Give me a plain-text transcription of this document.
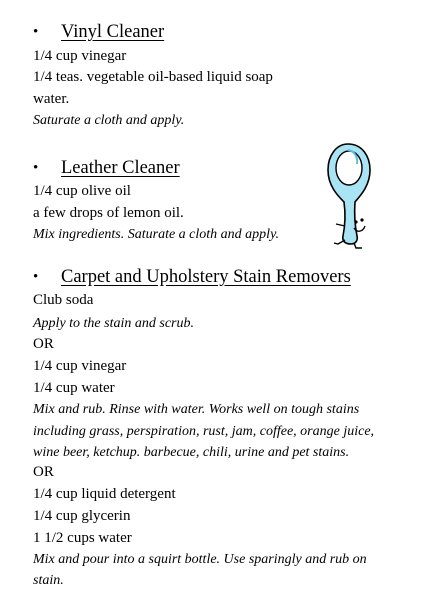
• Vinyl Cleaner
1/4 cup vinegar
1/4 teas. vegetable oil-based liquid soap
water.
Saturate a cloth and apply.
• Leather Cleaner
1/4 cup olive oil
a few drops of lemon oil.
Mix ingredients. Saturate a cloth and apply.
• Carpet and Upholstery Stain Removers
Club soda
Apply to the stain and scrub.
OR
1/4 cup vinegar
1/4 cup water
Mix and rub. Rinse with water. Works well on tough stains
including grass, perspiration, rust, jam, coffee, orange juice,
wine beer, ketchup. barbecue, chili, urine and pet stains.
OR
1/4 cup liquid detergent
1/4 cup glycerin
1 1/2 cups water
Mix and pour into a squirt bottle. Use sparingly and rub on
stain.
